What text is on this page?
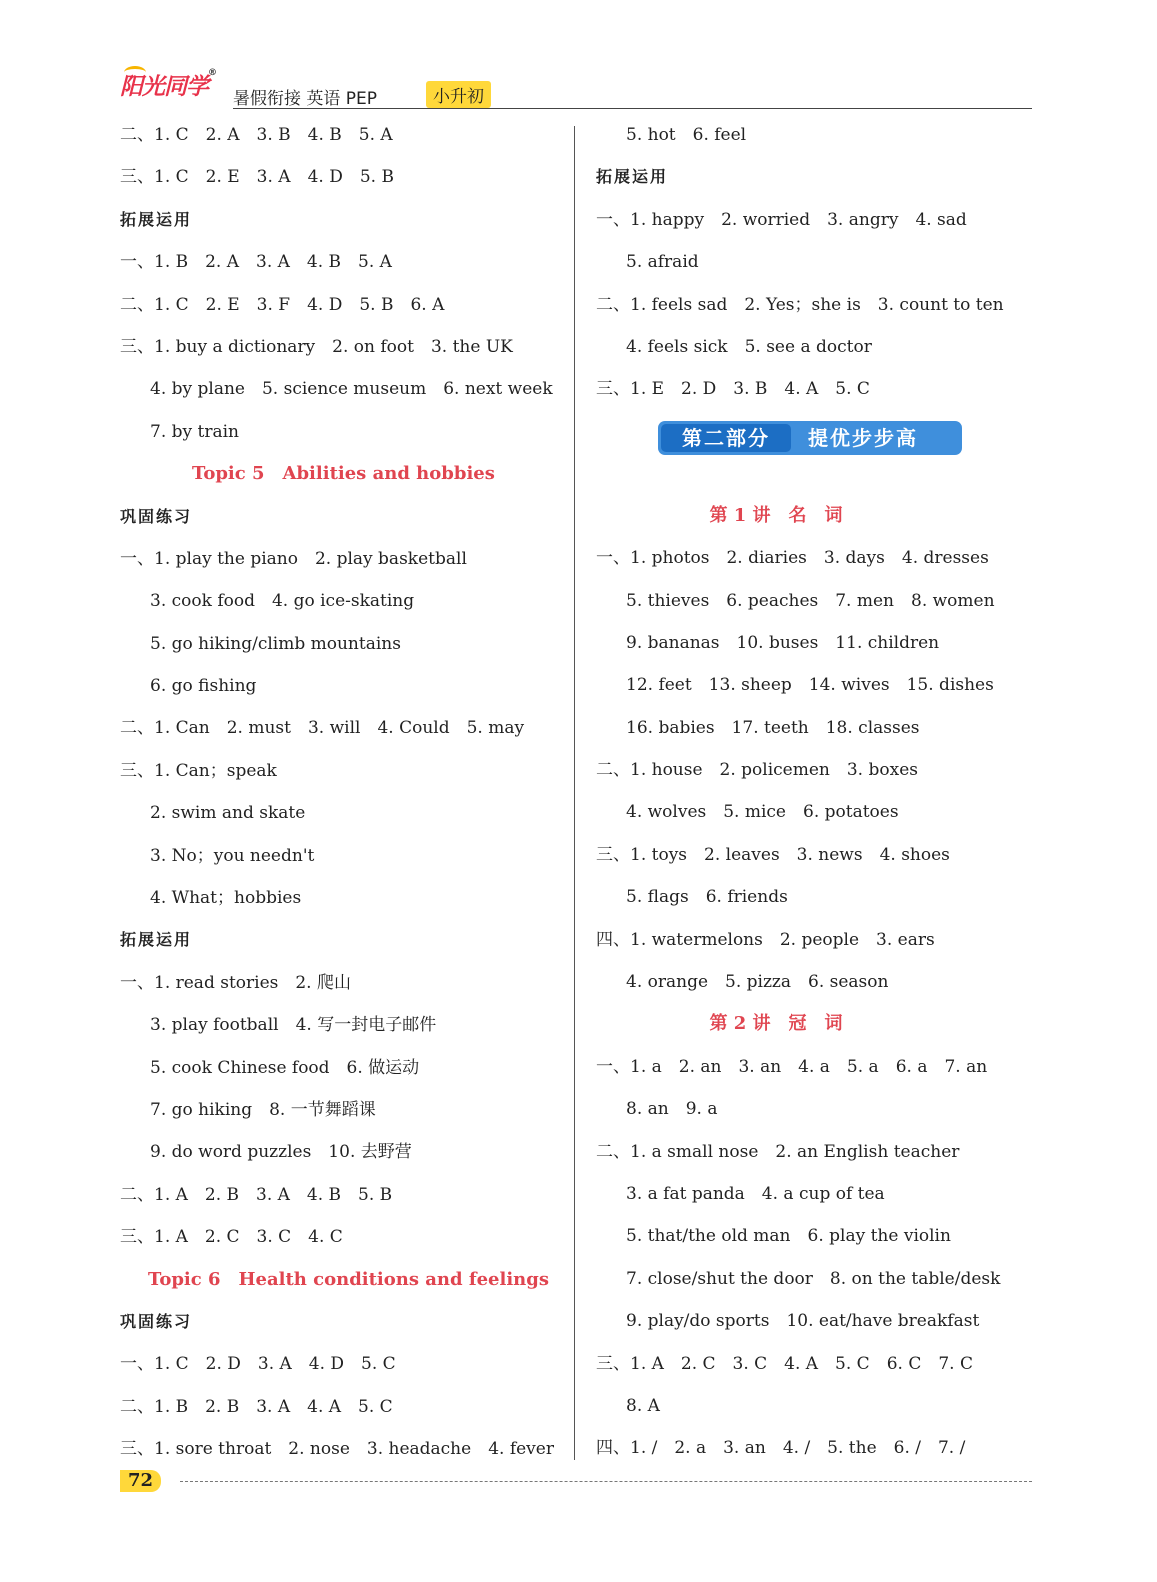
阳光同学®
暑假衔接 英语 PEP	小升初
二、1. C　2. A　3. B　4. B　5. A
三、1. C　2. E　3. A　4. D　5. B
拓展运用
一、1. B　2. A　3. A　4. B　5. A
二、1. C　2. E　3. F　4. D　5. B　6. A
三、1. buy a dictionary　2. on foot　3. the UK
4. by plane　5. science museum　6. next week
7. by train
Topic 5　Abilities and hobbies
巩固练习
一、1. play the piano　2. play basketball
3. cook food　4. go ice-skating
5. go hiking/climb mountains
6. go fishing
二、1. Can　2. must　3. will　4. Could　5. may
三、1. Can；speak
2. swim and skate
3. No；you needn't
4. What；hobbies
拓展运用
一、1. read stories　2. 爬山
3. play football　4. 写一封电子邮件
5. cook Chinese food　6. 做运动
7. go hiking　8. 一节舞蹈课
9. do word puzzles　10. 去野营
二、1. A　2. B　3. A　4. B　5. B
三、1. A　2. C　3. C　4. C
Topic 6　Health conditions and feelings
巩固练习
一、1. C　2. D　3. A　4. D　5. C
二、1. B　2. B　3. A　4. A　5. C
三、1. sore throat　2. nose　3. headache　4. fever
5. hot　6. feel
拓展运用
一、1. happy　2. worried　3. angry　4. sad
5. afraid
二、1. feels sad　2. Yes；she is　3. count to ten
4. feels sick　5. see a doctor
三、1. E　2. D　3. B　4. A　5. C
第二部分	提优步步高
第 1 讲　名　词
一、1. photos　2. diaries　3. days　4. dresses
5. thieves　6. peaches　7. men　8. women
9. bananas　10. buses　11. children
12. feet　13. sheep　14. wives　15. dishes
16. babies　17. teeth　18. classes
二、1. house　2. policemen　3. boxes
4. wolves　5. mice　6. potatoes
三、1. toys　2. leaves　3. news　4. shoes
5. flags　6. friends
四、1. watermelons　2. people　3. ears
4. orange　5. pizza　6. season
第 2 讲　冠　词
一、1. a　2. an　3. an　4. a　5. a　6. a　7. an
8. an　9. a
二、1. a small nose　2. an English teacher
3. a fat panda　4. a cup of tea
5. that/the old man　6. play the violin
7. close/shut the door　8. on the table/desk
9. play/do sports　10. eat/have breakfast
三、1. A　2. C　3. C　4. A　5. C　6. C　7. C
8. A
四、1. /　2. a　3. an　4. /　5. the　6. /　7. /
72
